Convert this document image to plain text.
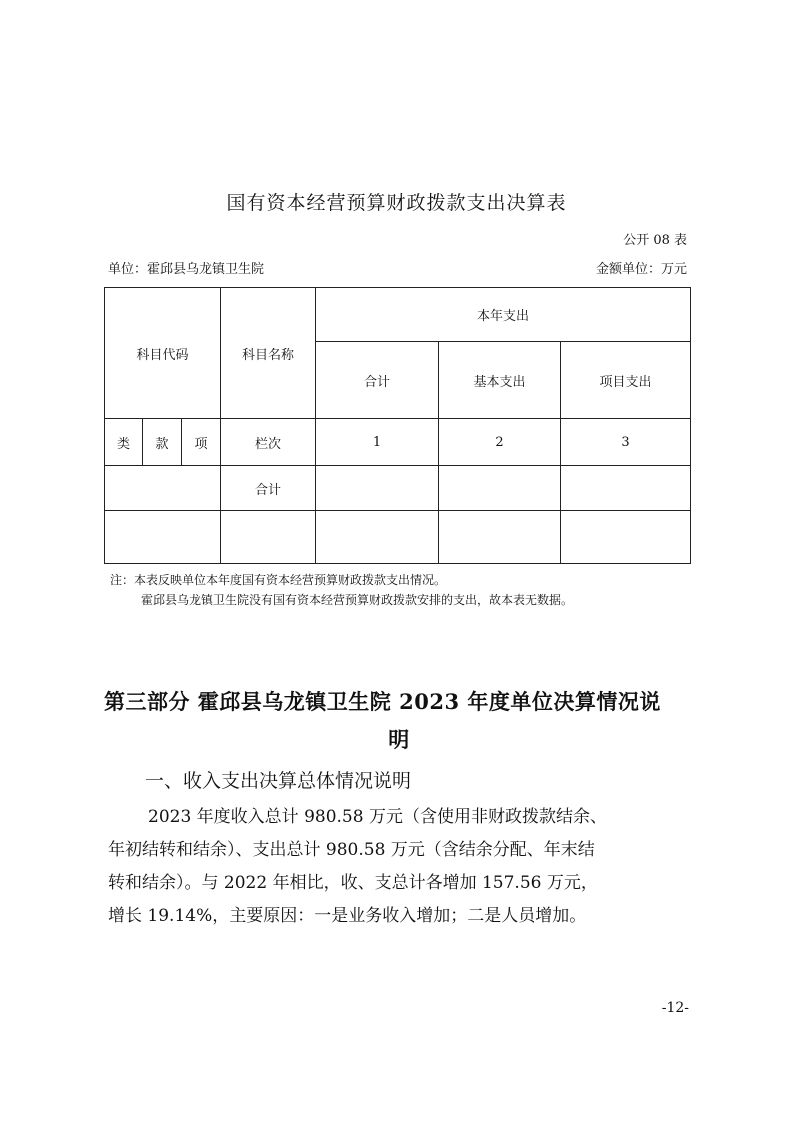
国有资本经营预算财政拨款支出决算表
公开 08 表
单位：霍邱县乌龙镇卫生院	金额单位：万元
科目代码			科目名称	本年支出		
				合计	基本支出	项目支出
类	款	项	栏次	1	2	3
			合计			

注：本表反映单位本年度国有资本经营预算财政拨款支出情况。
霍邱县乌龙镇卫生院没有国有资本经营预算财政拨款安排的支出，故本表无数据。
第三部分 霍邱县乌龙镇卫生院 2023 年度单位决算情况说
明
一、收入支出决算总体情况说明
2023 年度收入总计 980.58 万元（含使用非财政拨款结余、
年初结转和结余）、支出总计 980.58 万元（含结余分配、年末结
转和结余）。与 2022 年相比，收、支总计各增加 157.56 万元，
增长 19.14%，主要原因：一是业务收入增加；二是人员增加。
-12-
